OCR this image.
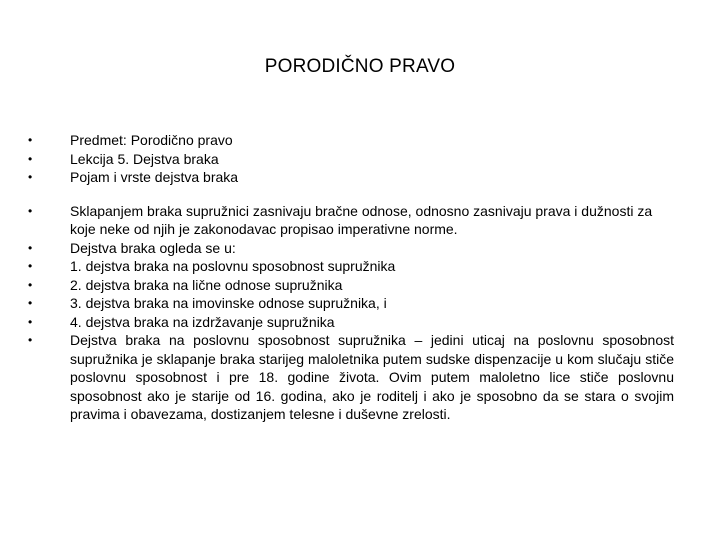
PORODIČNO PRAVO
•	Predmet: Porodično pravo
•	Lekcija 5. Dejstva braka
•	Pojam i vrste dejstva braka
•	Sklapanjem braka supružnici zasnivaju bračne odnose, odnosno zasnivaju prava i dužnosti za koje neke od njih je zakonodavac propisao imperativne norme.
•	Dejstva braka ogleda se u:
•	1. dejstva braka na poslovnu sposobnost supružnika
•	2. dejstva braka na lične odnose supružnika
•	3. dejstva braka na imovinske odnose supružnika, i
•	4. dejstva braka na izdržavanje supružnika
•	Dejstva braka na poslovnu sposobnost supružnika – jedini uticaj na poslovnu sposobnost supružnika je sklapanje braka starijeg maloletnika putem sudske dispenzacije u kom slučaju stiče poslovnu sposobnost i pre 18. godine života. Ovim putem maloletno lice stiče poslovnu sposobnost ako je starije od 16. godina, ako je roditelj i ako je sposobno da se stara o svojim pravima i obavezama, dostizanjem telesne i duševne zrelosti.
